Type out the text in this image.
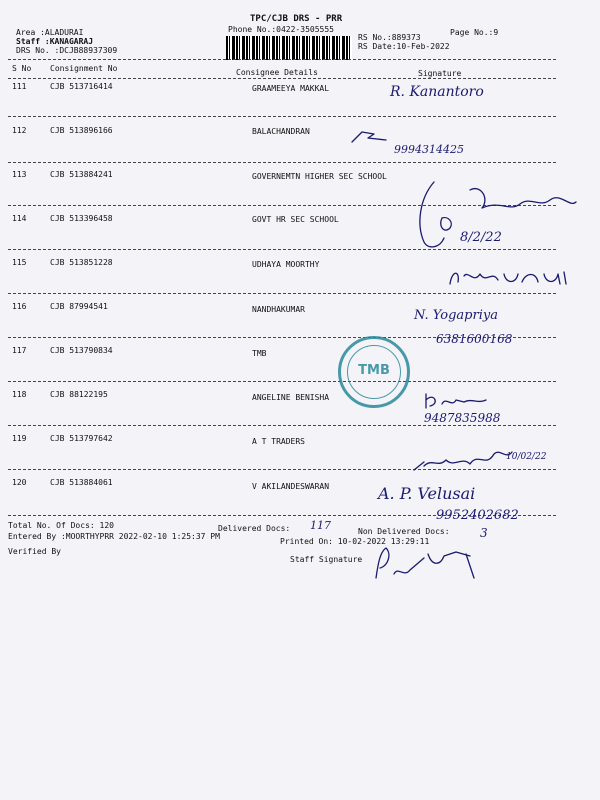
TPC/CJB DRS - PRR
Phone No.:0422-3505555
Area :ALADURAI
Staff :KANAGARAJ
DRS No. :DCJB88937309
Page No.:9
RS No.:889373
RS Date:10-Feb-2022
S No Consignment No	Consignee Details	Signature
111	CJB 513716414	GRAAMEEYA MAKKAL
112	CJB 513896166	BALACHANDRAN
113	CJB 513884241	GOVERNEMTN HIGHER SEC SCHOOL
114	CJB 513396458	GOVT HR SEC SCHOOL
115	CJB 513851228	UDHAYA MOORTHY
116	CJB 87994541	NANDHAKUMAR
117	CJB 513790834	TMB
118	CJB 88122195	ANGELINE BENISHA
119	CJB 513797642	A T TRADERS
120	CJB 513884061	V AKILANDESWARAN
Total No. Of Docs: 120
Entered By :MOORTHYPRR 2022-02-10 1:25:37 PM
Delivered Docs:	Non Delivered Docs:
Printed On: 10-02-2022 13:29:11
Verified By
Staff Signature
R. Kanantoro
9994314425
8/2/22
N. Yogapriya
6381600168
TMB
9487835988
10/02/22
A. P. Velusai
9952402682
117
3
